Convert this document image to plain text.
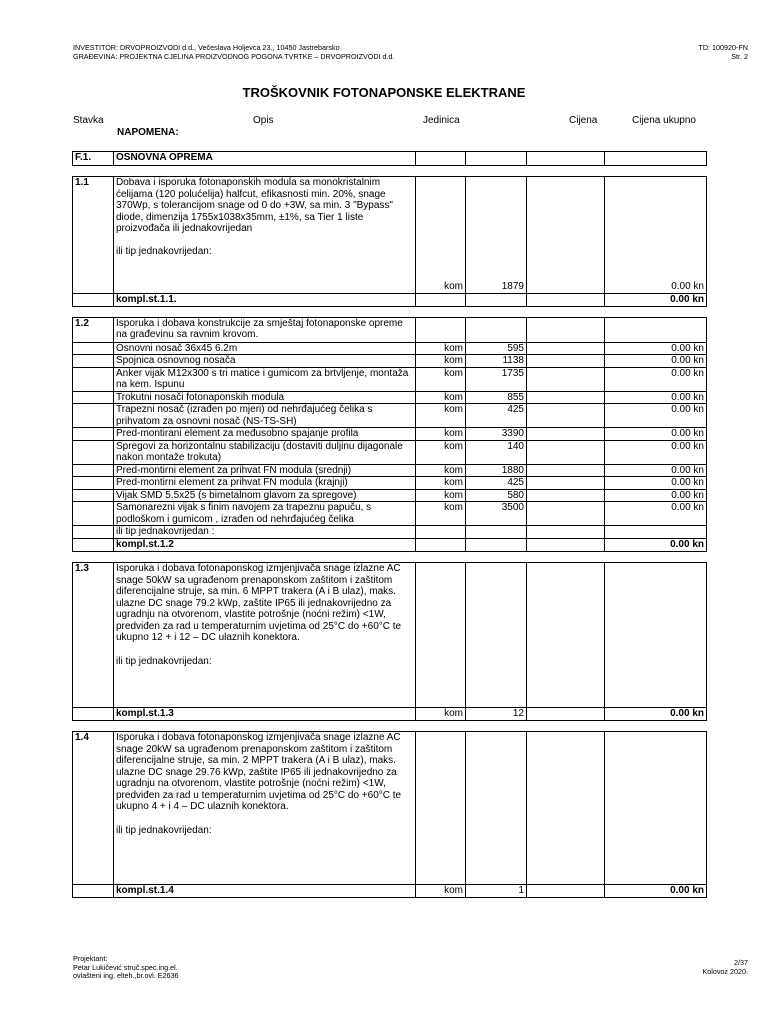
INVESTITOR: DRVOPROIZVODI d.d., Večeslava Holjevca 23., 10450 Jastrebarsko
GRAĐEVINA: PROJEKTNA CJELINA PROIZVODNOG POGONA TVRTKE – DRVOPROIZVODI d.d.
TD: 100920-FN
Str. 2
TROŠKOVNIK FOTONAPONSKE ELEKTRANE
Stavka	Opis	Jedinica	Cijena	Cijena ukupno
NAPOMENA:
F.1.	OSNOVNA OPREMA				

1.1	Dobava i isporuka fotonaponskih modula sa monokristalnim ćelijama (120 polućelija) halfcut, efikasnosti min. 20%, snage 370Wp, s tolerancijom snage od 0 do +3W, sa min. 3 "Bypass" diode, dimenzija 1755x1038x35mm, ±1%, sa Tier 1 liste proizvođača ili jednakovrijedan
ili tip jednakovrijedan:				

		kom	1879		0.00 kn
	kompl.st.1.1.				0.00 kn

1.2	Isporuka i dobava konstrukcije za smještaj fotonaponske opreme na građevinu sa ravnim krovom.				
	Osnovni nosač 36x45 6.2m	kom	595		0.00 kn
	Spojnica osnovnog nosača	kom	1138		0.00 kn
	Anker vijak M12x300 s tri matice i gumicom za brtvljenje, montaža na kem. Ispunu	kom	1735		0.00 kn
	Trokutni nosači fotonaponskih modula	kom	855		0.00 kn
	Trapezni nosač (izrađen po mjeri) od nehrđajućeg čelika s prihvatom za osnovni nosač (NS-TS-SH)	kom	425		0.00 kn
	Pred-montirani element za međusobno spajanje profila	kom	3390		0.00 kn
	Spregovi za horizontalnu stabilizaciju (dostaviti duljinu dijagonale nakon montaže trokuta)	kom	140		0.00 kn
	Pred-montirni element za prihvat FN modula (srednji)	kom	1880		0.00 kn
	Pred-montirni element za prihvat FN modula (krajnji)	kom	425		0.00 kn
	Vijak SMD 5.5x25 (s bimetalnom glavom za spregove)	kom	580		0.00 kn
	Samonarezni vijak s finim navojem za trapeznu papuču, s podloškom i gumicom , izrađen od nehrđajućeg čelika	kom	3500		0.00 kn
	ili tip jednakovrijedan :				
	kompl.st.1.2				0.00 kn

1.3	Isporuka i dobava fotonaponskog izmjenjivača snage izlazne AC snage 50kW sa ugrađenom prenaponskom zaštitom i zaštitom diferencijalne struje, sa min. 6 MPPT trakera (A i B ulaz), maks. ulazne DC snage 79.2 kWp, zaštite IP65 ili jednakovrijedno za ugradnju na otvorenom, vlastite potrošnje (noćni režim) <1W, predviđen za rad u temperaturnim uvjetima od 25°C do +60°C te ukupno 12 + i 12 – DC ulaznih konektora.
ili tip jednakovrijedan:				

	kompl.st.1.3	kom	12		0.00 kn

1.4	Isporuka i dobava fotonaponskog izmjenjivača snage izlazne AC snage 20kW sa ugrađenom prenaponskom zaštitom i zaštitom diferencijalne struje, sa min. 2 MPPT trakera (A i B ulaz), maks. ulazne DC snage 29.76 kWp, zaštite IP65 ili jednakovrijedno za ugradnju na otvorenom, vlastite potrošnje (noćni režim) <1W, predviđen za rad u temperaturnim uvjetima od 25°C do +60°C te ukupno 4 + i 4 – DC ulaznih konektora.
ili tip jednakovrijedan:				

	kompl.st.1.4	kom	1		0.00 kn
Projektant:
Petar Lukičević struč.spec.ing.el.
ovlašteni ing. elteh.,br.ovl. E2636
2/37
Kolovoz 2020.
